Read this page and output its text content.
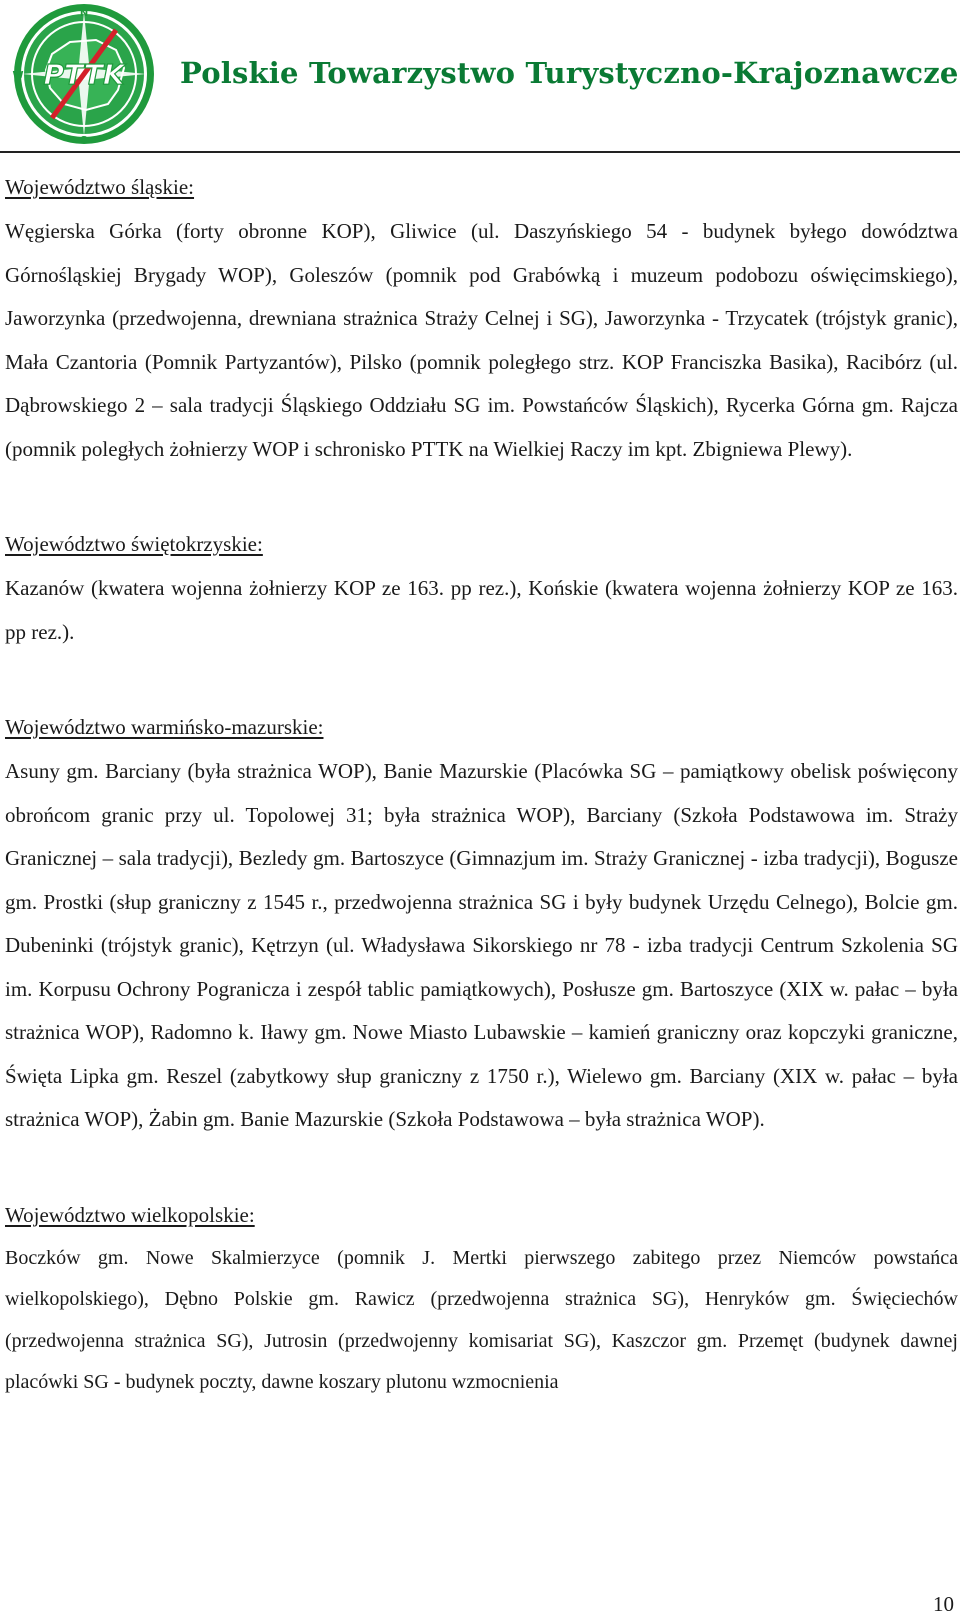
PTTK
N
E
S
W	Polskie Towarzystwo Turystyczno-Krajoznawcze
Województwo śląskie:

Węgierska Górka (forty obronne KOP), Gliwice (ul. Daszyńskiego 54 - budynek byłego dowództwa Górnośląskiej Brygady WOP), Goleszów (pomnik pod Grabówką i muzeum podobozu oświęcimskiego), Jaworzynka (przedwojenna, drewniana strażnica Straży Celnej i SG), Jaworzynka - Trzycatek (trójstyk granic), Mała Czantoria (Pomnik Partyzantów), Pilsko (pomnik poległego strz. KOP Franciszka Basika), Racibórz (ul. Dąbrowskiego 2 – sala tradycji Śląskiego Oddziału SG im. Powstańców Śląskich), Rycerka Górna gm. Rajcza (pomnik poległych żołnierzy WOP i schronisko PTTK na Wielkiej Raczy im kpt. Zbigniewa Plewy).

Województwo świętokrzyskie:

Kazanów (kwatera wojenna żołnierzy KOP ze 163. pp rez.), Końskie (kwatera wojenna żołnierzy KOP ze 163. pp rez.).

Województwo warmińsko-mazurskie:

Asuny gm. Barciany (była strażnica WOP), Banie Mazurskie (Placówka SG – pamiątkowy obelisk poświęcony obrońcom granic przy ul. Topolowej 31; była strażnica WOP), Barciany (Szkoła Podstawowa im. Straży Granicznej – sala tradycji), Bezledy gm. Bartoszyce (Gimnazjum im. Straży Granicznej - izba tradycji), Bogusze gm. Prostki (słup graniczny z 1545 r., przedwojenna strażnica SG i były budynek Urzędu Celnego), Bolcie gm. Dubeninki (trójstyk granic), Kętrzyn (ul. Władysława Sikorskiego nr 78 - izba tradycji Centrum Szkolenia SG im. Korpusu Ochrony Pogranicza i zespół tablic pamiątkowych), Posłusze gm. Bartoszyce (XIX w. pałac – była strażnica WOP), Radomno k. Iławy gm. Nowe Miasto Lubawskie – kamień graniczny oraz kopczyki graniczne, Święta Lipka gm. Reszel (zabytkowy słup graniczny z 1750 r.), Wielewo gm. Barciany (XIX w. pałac – była strażnica WOP), Żabin gm. Banie Mazurskie (Szkoła Podstawowa – była strażnica WOP).

Województwo wielkopolskie:

Boczków gm. Nowe Skalmierzyce (pomnik J. Mertki pierwszego zabitego przez Niemców powstańca wielkopolskiego), Dębno Polskie gm. Rawicz (przedwojenna strażnica SG), Henryków gm. Święciechów (przedwojenna strażnica SG), Jutrosin (przedwojenny komisariat SG), Kaszczor gm. Przemęt (budynek dawnej placówki SG - budynek poczty, dawne koszary plutonu wzmocnienia

10
